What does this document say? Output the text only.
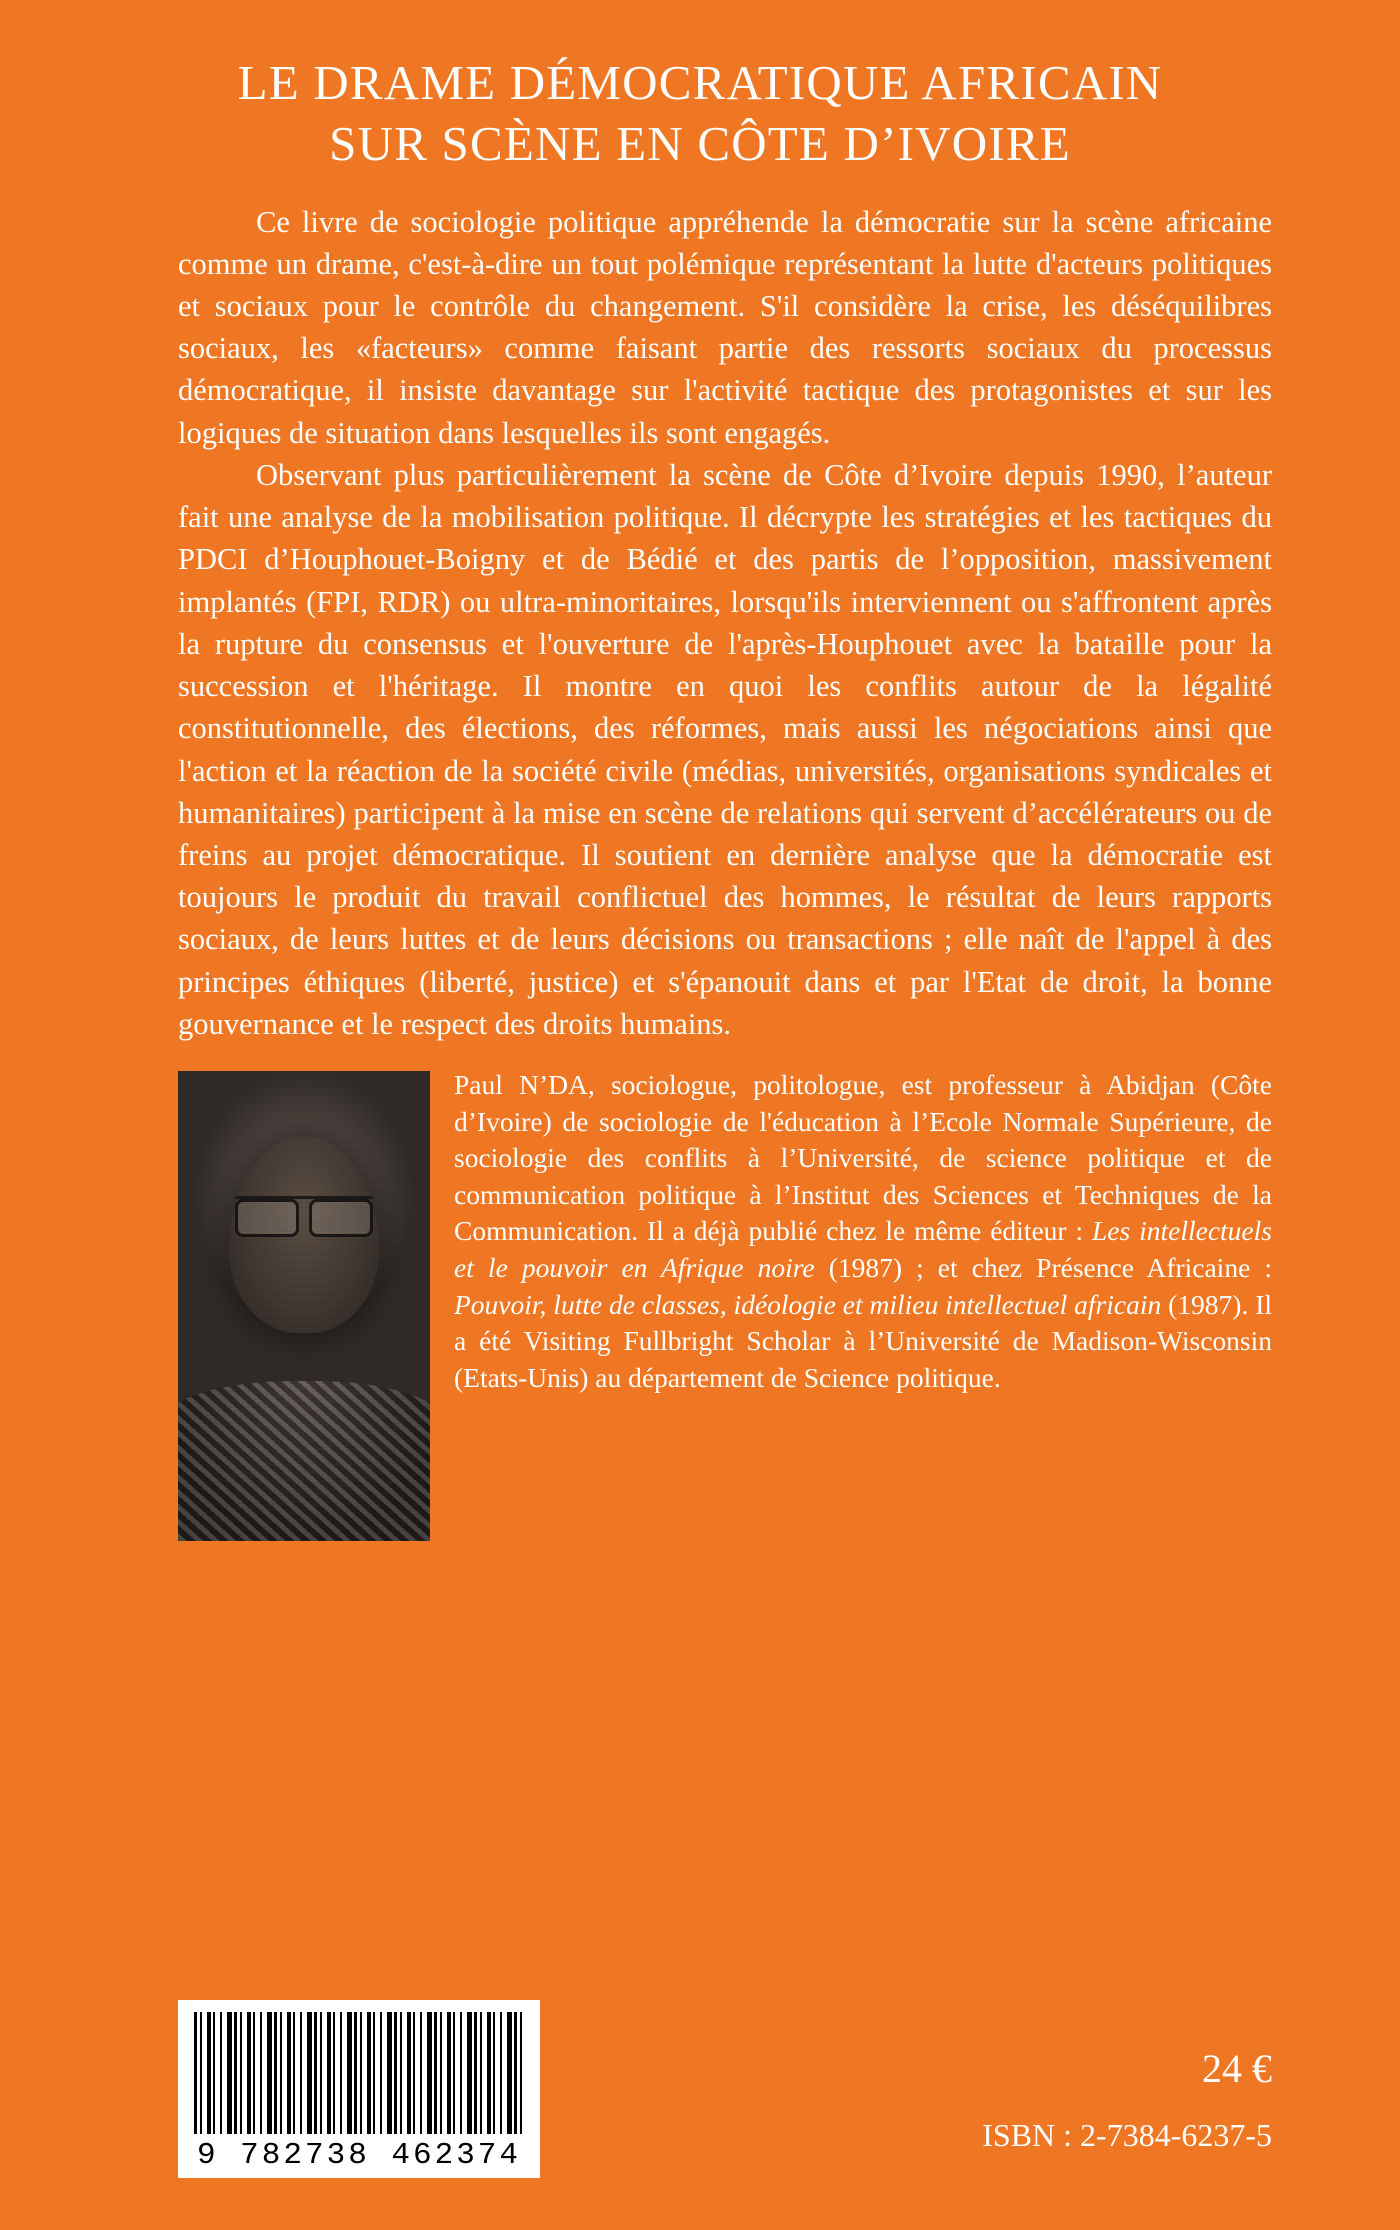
LE DRAME DÉMOCRATIQUE AFRICAIN
SUR SCÈNE EN CÔTE D’IVOIRE

Ce livre de sociologie politique appréhende la démocratie sur la scène africaine comme un drame, c'est-à-dire un tout polémique représentant la lutte d'acteurs politiques et sociaux pour le contrôle du changement. S'il considère la crise, les déséquilibres sociaux, les «facteurs» comme faisant partie des ressorts sociaux du processus démocratique, il insiste davantage sur l'activité tactique des protagonistes et sur les logiques de situation dans lesquelles ils sont engagés.

Observant plus particulièrement la scène de Côte d’Ivoire depuis 1990, l’auteur fait une analyse de la mobilisation politique. Il décrypte les stratégies et les tactiques du PDCI d’Houphouet-Boigny et de Bédié et des partis de l’opposition, massivement implantés (FPI, RDR) ou ultra-minoritaires, lorsqu'ils interviennent ou s'affrontent après la rupture du consensus et l'ouverture de l'après-Houphouet avec la bataille pour la succession et l'héritage. Il montre en quoi les conflits autour de la légalité constitutionnelle, des élections, des réformes, mais aussi les négociations ainsi que l'action et la réaction de la société civile (médias, universités, organisations syndicales et humanitaires) participent à la mise en scène de relations qui servent d’accélérateurs ou de freins au projet démocratique. Il soutient en dernière analyse que la démocratie est toujours le produit du travail conflictuel des hommes, le résultat de leurs rapports sociaux, de leurs luttes et de leurs décisions ou transactions ; elle naît de l'appel à des principes éthiques (liberté, justice) et s'épanouit dans et par l'Etat de droit, la bonne gouvernance et le respect des droits humains.

Paul N’DA, sociologue, politologue, est professeur à Abidjan (Côte d’Ivoire) de sociologie de l'éducation à l’Ecole Normale Supérieure, de sociologie des conflits à l’Université, de science politique et de communication politique à l’Institut des Sciences et Techniques de la Communication. Il a déjà publié chez le même éditeur : Les intellectuels et le pouvoir en Afrique noire (1987) ; et chez Présence Africaine : Pouvoir, lutte de classes, idéologie et milieu intellectuel africain (1987). Il a été Visiting Fullbright Scholar à l’Université de Madison-Wisconsin (Etats-Unis) au département de Science politique.
9 782738 462374
24 €
ISBN : 2-7384-6237-5
